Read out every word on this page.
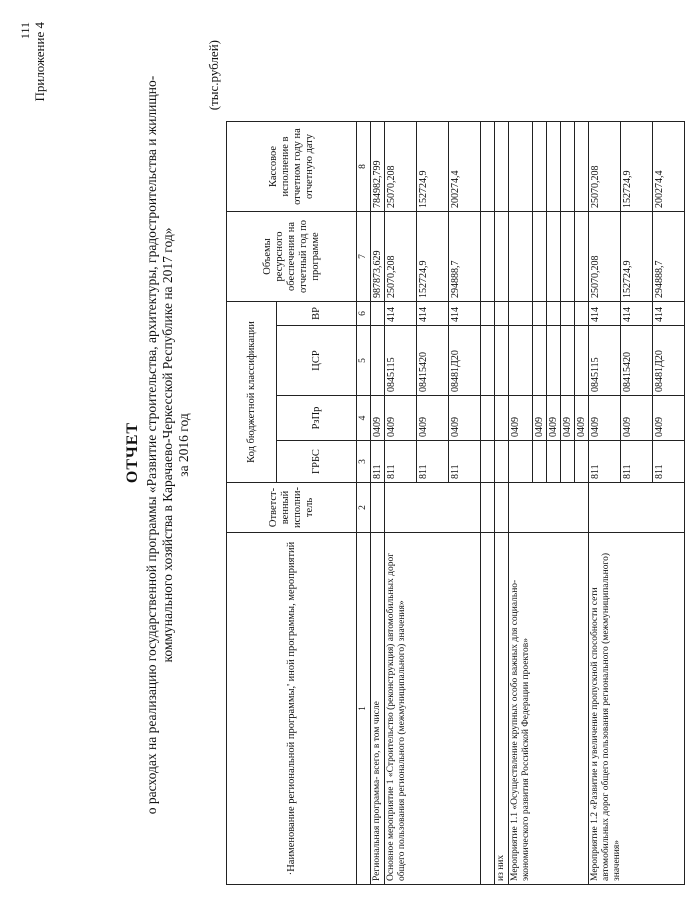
111 Приложение 4
ОТЧЕТ о расходах на реализацию государственной программы «Развитие строительства, архитектуры, градостроительства и жилищно- коммунального хозяйства в Карачаево-Черкесской Республике на 2017 год» за 2016 год
(тыс.рублей)
·Наименование региональной программы,' иной программы, мероприятий	Ответст-венный исполни-тель	Код бюджетной классификации				Объемы ресурсного обеспечения на отчетный год по программе	Кассовое исполнение в отчетном году на отчетную дату
		ГРБС	РзПр	ЦСР	ВР		
1	2	3	4	5	6	7	8
Региональная программа- всего, в том числе		811	0409			987873,629	784982,799
Основное мероприятие 1 «Строительство (реконструкция) автомобильных дорог общего пользования регионального (межмуниципального) значения»		811	0409	0845115	414	25070,208	25070,208
		811	0409	08415420	414	152724,9	152724,9
		811	0409	08481Д20	414	294888,7	200274,4

из них							
Мероприятие 1.1 «Осуществление крупных особо важных для социально-экономического развития Российской Федерации проектов»			0409				
			0409				
			0409				
			0409				
			0409				
Мероприятие 1.2 «Развитие и увеличение пропускной способности сети автомобильных дорог общего пользования регионального (межмуниципального) значения»		811	0409	0845115	414	25070,208	25070,208
		811	0409	08415420	414	152724,9	152724,9
		811	0409	08481Д20	414	294888,7	200274,4
